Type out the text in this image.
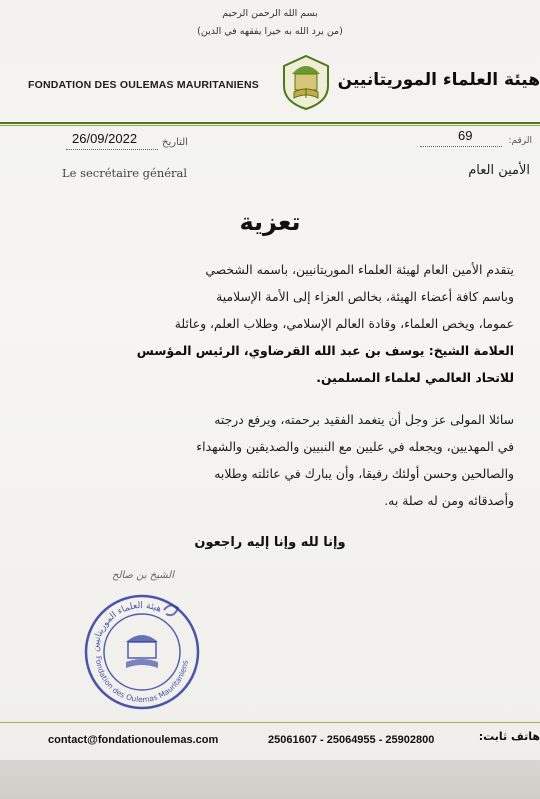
بسم الله الرحمن الرحيم
(من يرد الله به خيرا يفقهه في الدين)
FONDATION DES OULEMAS MAURITANIENS	هيئة العلماء الموريتانيين
الرقم:
69
26/09/2022 التاريخ
Le secrétaire général	الأمين العام
تعزية
يتقدم الأمين العام لهيئة العلماء الموريتانيين، باسمه الشخصي
وباسم كافة أعضاء الهيئة، بخالص العزاء إلى الأمة الإسلامية
عموما، ويخص العلماء، وقادة العالم الإسلامي، وطلاب العلم، وعائلة
العلامة الشيخ: يوسف بن عبد الله القرضاوي، الرئيس المؤسس
للاتحاد العالمي لعلماء المسلمين.
سائلا المولى عز وجل أن يتغمد الفقيد برحمته، ويرفع درجته
في المهديين، ويجعله في عليين مع النبيين والصديقين والشهداء
والصالحين وحسن أولئك رفيقا، وأن يبارك في عائلته وطلابه
وأصدقائه ومن له صلة به.
وإنا لله وإنا إليه راجعون
الشيخ بن صالح
هيئة العلماء الموريتانيين
Fondation des Oulemas Mauritaniens
contact@fondationoulemas.com	25061607 - 25064955 - 25902800	هاتف ثابت:
